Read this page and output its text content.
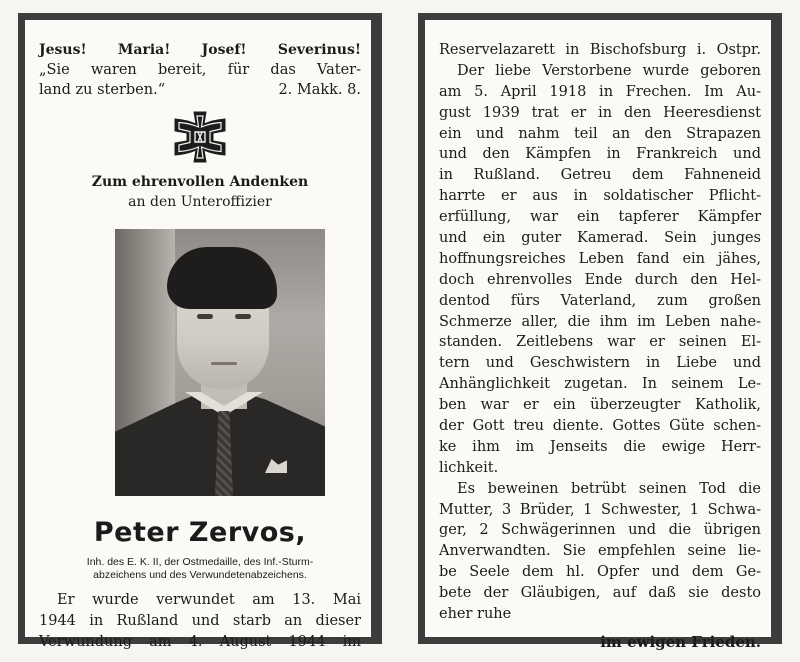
Jesus! Maria! Josef! Severinus!
„Sie waren bereit, für das Vater-
land zu sterben.“	2. Makk. 8.
Zum ehrenvollen Andenken
an den Unteroffizier
Peter Zervos,
Inh. des E. K. II, der Ostmedaille, des Inf.-Sturm-
abzeichens und des Verwundetenabzeichens.
Er wurde verwundet am 13. Mai
1944 in Rußland und starb an dieser
Verwundung am 4. August 1944 im
Reservelazarett in Bischofsburg i. Ostpr.
Der liebe Verstorbene wurde geboren
am 5. April 1918 in Frechen. Im Au-
gust 1939 trat er in den Heeresdienst
ein und nahm teil an den Strapazen
und den Kämpfen in Frankreich und
in Rußland. Getreu dem Fahneneid
harrte er aus in soldatischer Pflicht-
erfüllung, war ein tapferer Kämpfer
und ein guter Kamerad. Sein junges
hoffnungsreiches Leben fand ein jähes,
doch ehrenvolles Ende durch den Hel-
dentod fürs Vaterland, zum großen
Schmerze aller, die ihm im Leben nahe-
standen. Zeitlebens war er seinen El-
tern und Geschwistern in Liebe und
Anhänglichkeit zugetan. In seinem Le-
ben war er ein überzeugter Katholik,
der Gott treu diente. Gottes Güte schen-
ke ihm im Jenseits die ewige Herr-
lichkeit.
Es beweinen betrübt seinen Tod die
Mutter, 3 Brüder, 1 Schwester, 1 Schwa-
ger, 2 Schwägerinnen und die übrigen
Anverwandten. Sie empfehlen seine lie-
be Seele dem hl. Opfer und dem Ge-
bete der Gläubigen, auf daß sie desto
eher ruhe
im ewigen Frieden.
